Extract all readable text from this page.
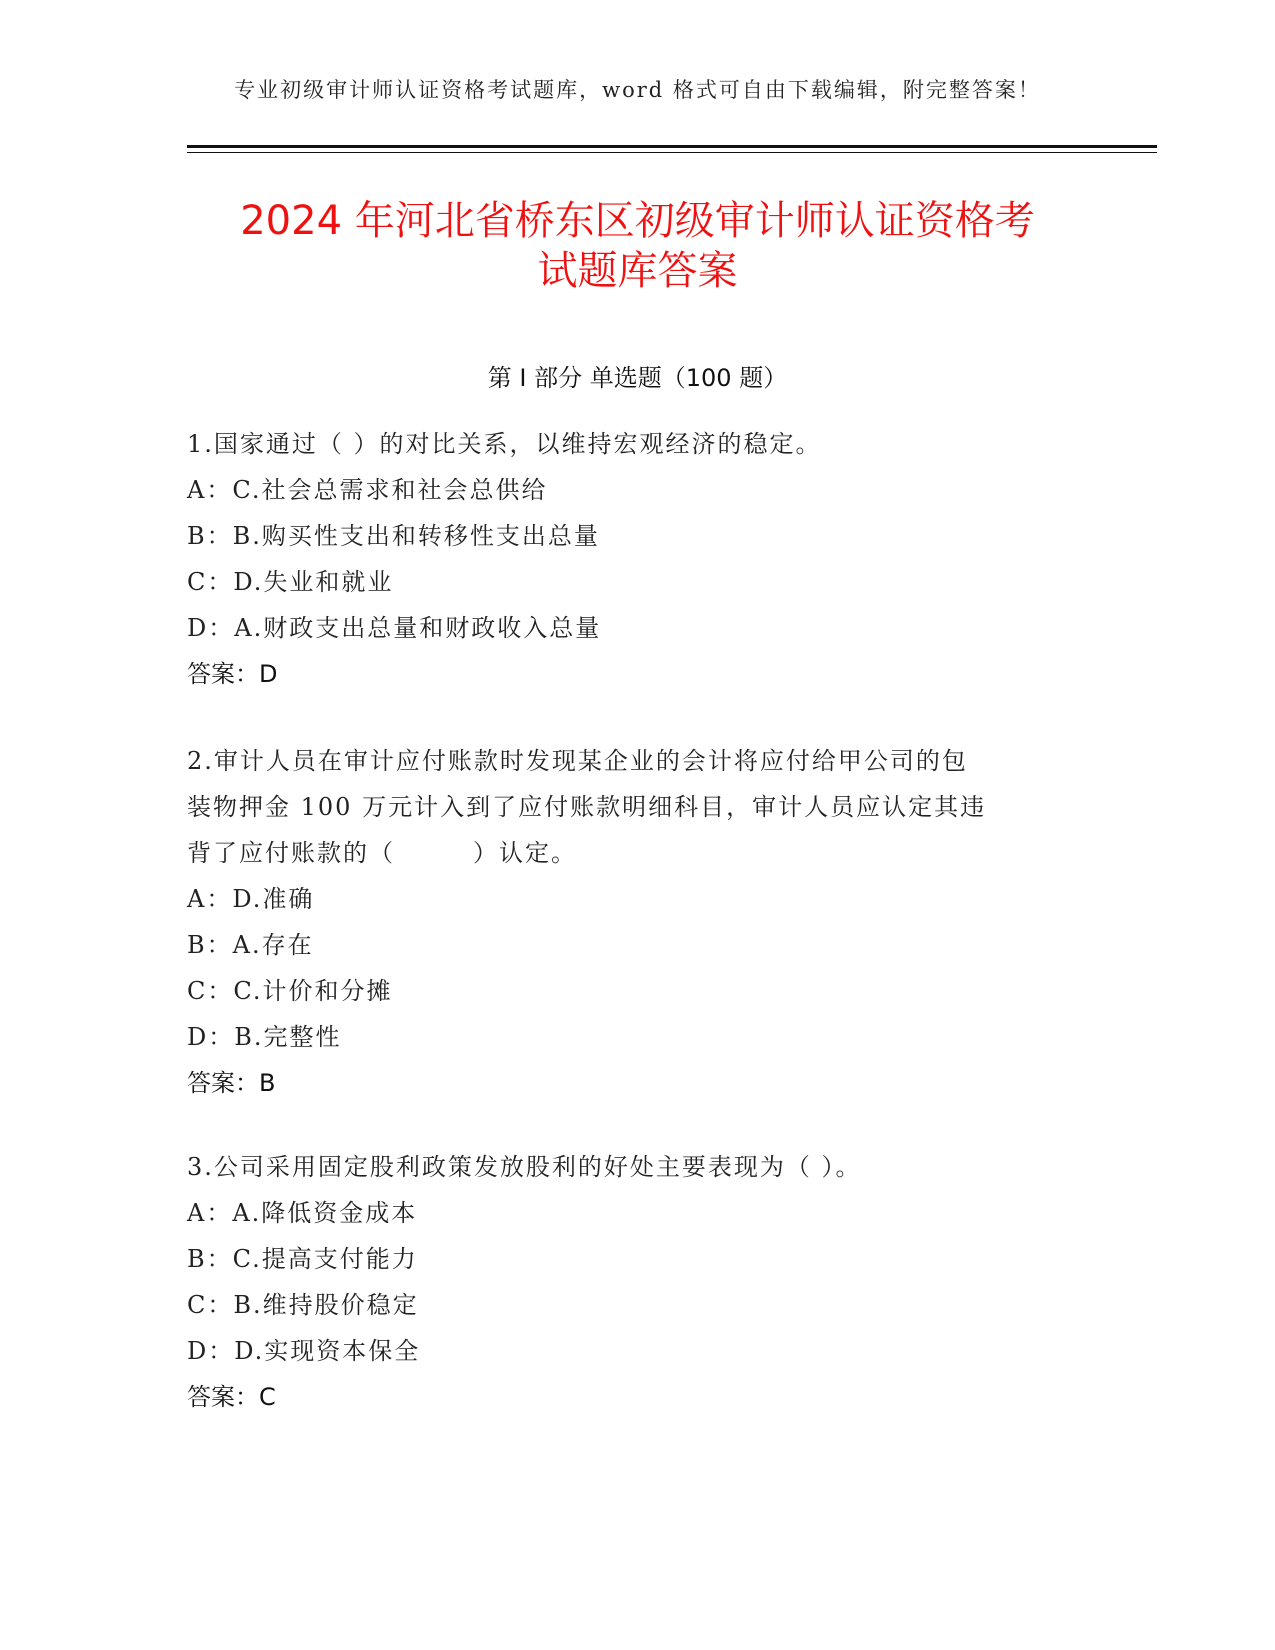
专业初级审计师认证资格考试题库，word 格式可自由下载编辑，附完整答案！
2024 年河北省桥东区初级审计师认证资格考
试题库答案
第 I 部分 单选题（100 题）
1.国家通过（ ）的对比关系，以维持宏观经济的稳定。
A：C.社会总需求和社会总供给
B：B.购买性支出和转移性支出总量
C：D.失业和就业
D：A.财政支出总量和财政收入总量
答案：D
2.审计人员在审计应付账款时发现某企业的会计将应付给甲公司的包
装物押金 100 万元计入到了应付账款明细科目，审计人员应认定其违
背了应付账款的（　　　）认定。
A：D.准确
B：A.存在
C：C.计价和分摊
D：B.完整性
答案：B
3.公司采用固定股利政策发放股利的好处主要表现为（ ）。
A：A.降低资金成本
B：C.提高支付能力
C：B.维持股价稳定
D：D.实现资本保全
答案：C
